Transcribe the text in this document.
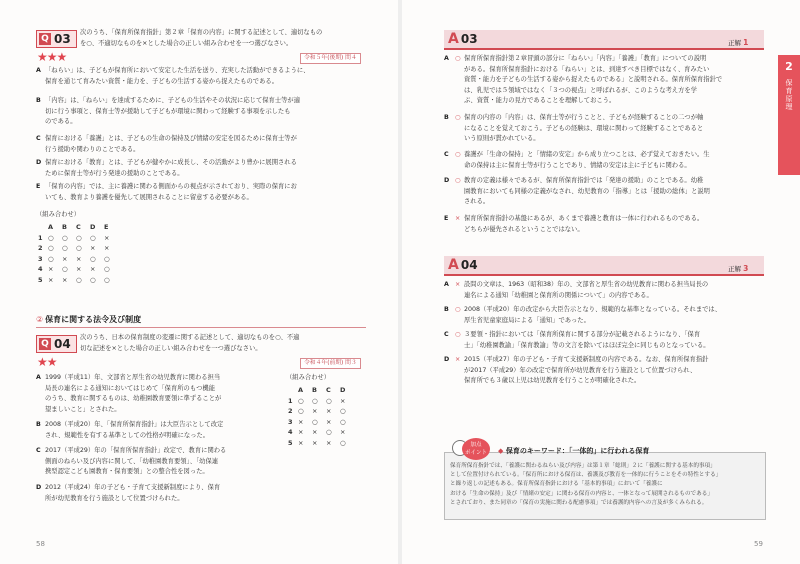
Q 03 次のうち、「保育所保育指針」第２章「保育の内容」に関する記述として、適切なもの
を○、不適切なものを×とした場合の正しい組み合わせを一つ選びなさい。
★★★	令和５年(後期) 問４
A 「ねらい」は、子どもが保育所において安定した生活を送り、充実した活動ができるように、
保育を通じて育みたい資質・能力を、子どもの生活する姿から捉えたものである。
B 「内容」は、「ねらい」を達成するために、子どもの生活やその状況に応じて保育士等が適
切に行う事項と、保育士等が援助して子どもが環境に関わって経験する事項を示したも
のである。
C 保育における「養護」とは、子どもの生命の保持及び情緒の安定を図るために保育士等が
行う援助や関わりのことである。
D 保育における「教育」とは、子どもが健やかに成長し、その活動がより豊かに展開される
ために保育士等が行う発達の援助のことである。
E 「保育の内容」では、主に養護に関わる側面からの視点が示されており、実際の保育にお
いても、教育より養護を優先して展開されることに留意する必要がある。
（組み合わせ）
	A	B	C	D	E
1	○	○	○	○	×
2	○	○	○	×	×
3	○	×	×	○	○
4	×	○	×	×	○
5	×	×	○	○	○
② 保育に関する法令及び制度
Q 04 次のうち、日本の保育制度の変遷に関する記述として、適切なものを○、不適
切な記述を×とした場合の正しい組み合わせを一つ選びなさい。
★★	令和４年(前期) 問３
A 1999（平成11）年、文部省と厚生省の幼児教育に関わる担当
局長の連名による通知においてはじめて「保育所のもつ機能
のうち、教育に関するものは、幼稚園教育要領に準ずることが
望ましいこと」とされた。
B 2008（平成20）年、「保育所保育指針」は大臣告示として改定
され、規範性を有する基準としての性格が明確になった。
C 2017（平成29）年の「保育所保育指針」改定で、教育に関わる
側面のねらい及び内容に関して、「幼稚園教育要領」、「幼保連
携型認定こども園教育・保育要領」との整合性を図った。
D 2012（平成24）年の子ども・子育て支援新制度により、保育
所が幼児教育を行う施設として位置づけられた。
（組み合わせ）
	A	B	C	D
1	○	○	○	×
2	○	×	×	○
3	×	○	×	○
4	×	×	○	×
5	×	×	×	○
58
2
保育原理
A 03	正解 1
A ○ 保育所保育指針第２章冒頭の部分に「ねらい」「内容」「養護」「教育」についての説明
がある。保育所保育指針における「ねらい」とは、到達すべき目標ではなく、育みたい
資質・能力を子どもの生活する姿から捉えたものである」と説明される。保育所保育指針で
は、乳児では５領域ではなく「３つの視点」と呼ばれるが、このような考え方を学
ぶ、資質・能力の見方であることを理解しておこう。
B ○ 保育の内容の「内容」は、保育士等が行うことと、子どもが経験することの二つが軸
になることを覚えておこう。子どもの経験は、環境に関わって経験することであると
いう原則が貫かれている。
C	○ 養護が「生命の保持」と「情緒の安定」から成り立つことは、必ず覚えておきたい。生
命の保持は主に保育士等が行うことであり、情緒の安定は主に子どもに関わる。
D ○ 教育の定義は様々であるが、保育所保育指針では「発達の援助」のことである。幼稚
園教育においても同様の定義がなされ、幼児教育の「指導」とは「援助の総体」と説明
される。
E	× 保育所保育指針の基盤にあるが、あくまで養護と教育は一体に行われるものである。
どちらが優先されるということではない。
A 04	正解 3
A × 設問の文章は、1963（昭和38）年の、文部省と厚生省の幼児教育に関わる担当局長の
連名による通知「幼稚園と保育所の関係について」の内容である。
B ○ 2008（平成20）年の改定から大臣告示となり、規範的な基準となっている。それまでは、
厚生省児童家庭局による「通知」であった。
C	○ ３要領・指針においては「保育所保育に関する部分が記載されるようになり、「保育
士」「幼稚園教諭」「保育教諭」等の文言を除いてはほぼ完全に同じものとなっている。
D × 2015（平成27）年の子ども・子育て支援新制度の内容である。なお、保育所保育指針
が2017（平成29）年の改定で保育所が幼児教育を行う施設として位置づけられ、
保育所でも３歳以上児は幼児教育を行うことが明確化された。
加点
ポイント	◆ 保育のキーワード：「一体的」に行われる保育
保育所保育指針では、「養護に関わるねらい及び内容」は第１章「総則」２に「養護に関する基本的事項」
として位置付けられている。「保育所における保育は、養護及び教育を一体的に行うことをその特性とする」
と繰り返しの記述もある。保育所保育指針における「基本的事項」において「養護に
おける「生命の保持」及び「情緒の安定」に関わる保育の内容と、一体となって展開されるものである」
とされており、また同章の「保育の実施に関わる配慮事項」では養護的内容への言及が多くみられる。
59
